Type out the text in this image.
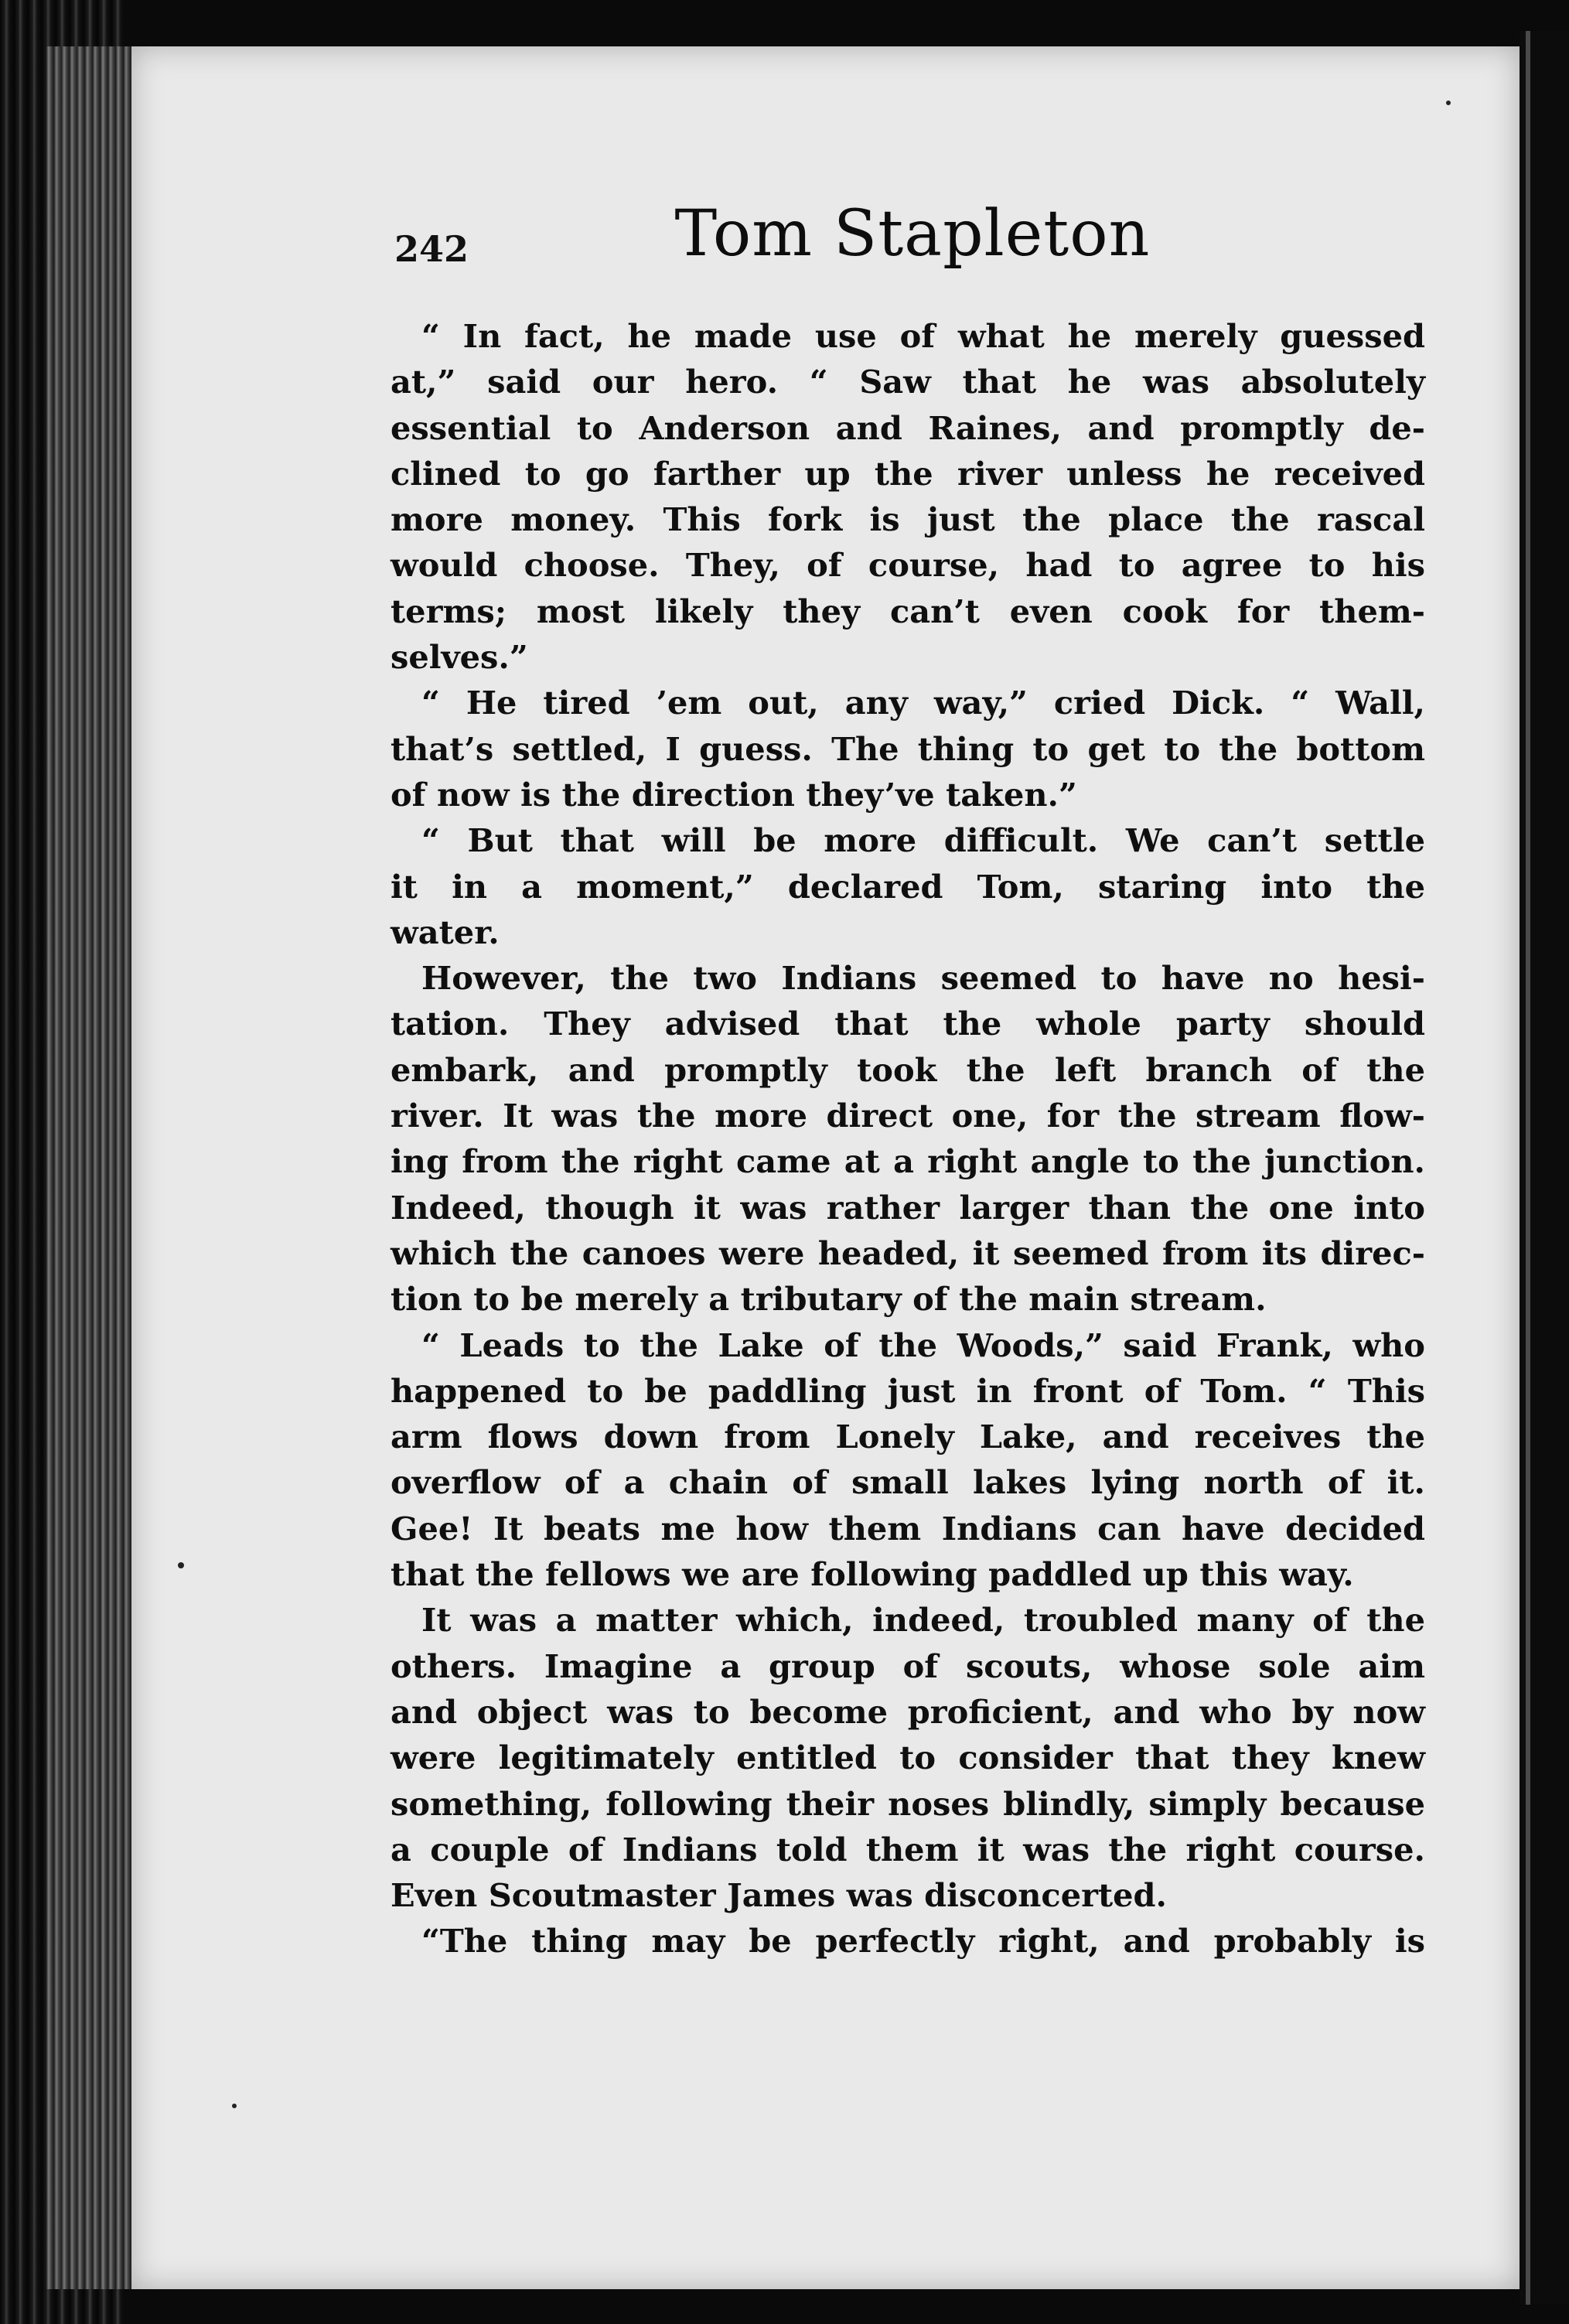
242	Tom Stapleton
“ In fact, he made use of what he merely guessed
at,” said our hero. “ Saw that he was absolutely
essential to Anderson and Raines, and promptly de-
clined to go farther up the river unless he received
more money. This fork is just the place the rascal
would choose. They, of course, had to agree to his
terms; most likely they can’t even cook for them-
selves.”
“ He tired ’em out, any way,” cried Dick. “ Wall,
that’s settled, I guess. The thing to get to the bottom
of now is the direction they’ve taken.”
“ But that will be more difficult. We can’t settle
it in a moment,” declared Tom, staring into the
water.
However, the two Indians seemed to have no hesi-
tation. They advised that the whole party should
embark, and promptly took the left branch of the
river. It was the more direct one, for the stream flow-
ing from the right came at a right angle to the junction.
Indeed, though it was rather larger than the one into
which the canoes were headed, it seemed from its direc-
tion to be merely a tributary of the main stream.
“ Leads to the Lake of the Woods,” said Frank, who
happened to be paddling just in front of Tom. “ This
arm flows down from Lonely Lake, and receives the
overflow of a chain of small lakes lying north of it.
Gee! It beats me how them Indians can have decided
that the fellows we are following paddled up this way.
It was a matter which, indeed, troubled many of the
others. Imagine a group of scouts, whose sole aim
and object was to become proficient, and who by now
were legitimately entitled to consider that they knew
something, following their noses blindly, simply because
a couple of Indians told them it was the right course.
Even Scoutmaster James was disconcerted.
“The thing may be perfectly right, and probably is
